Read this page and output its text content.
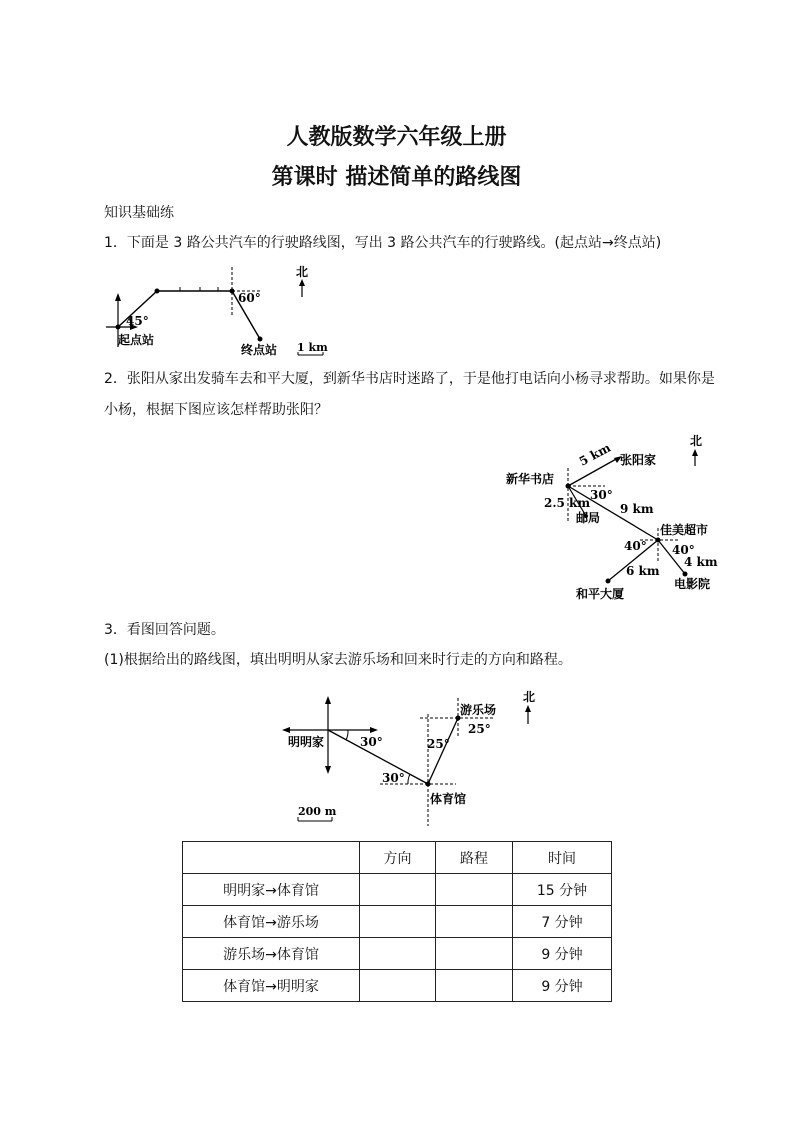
人教版数学六年级上册
第课时 描述简单的路线图
知识基础练
1．下面是 3 路公共汽车的行驶路线图，写出 3 路公共汽车的行驶路线。(起点站→终点站)
45°
60°
起点站
终点站
北
1 km
2．张阳从家出发骑车去和平大厦，到新华书店时迷路了，于是他打电话向小杨寻求帮助。如果你是
小杨，根据下图应该怎样帮助张阳？
北
5 km 张阳家
新华书店
30°
2.5 km
邮局
9 km
佳美超市
40° 40°
4 km
6 km
电影院
和平大厦
3．看图回答问题。
(1)根据给出的路线图，填出明明从家去游乐场和回来时行走的方向和路程。
游乐场
北
25°
明明家	30°	25°
30°
体育馆
200 m
	方向	路程	时间
明明家→体育馆			15 分钟
体育馆→游乐场			7 分钟
游乐场→体育馆			9 分钟
体育馆→明明家			9 分钟
